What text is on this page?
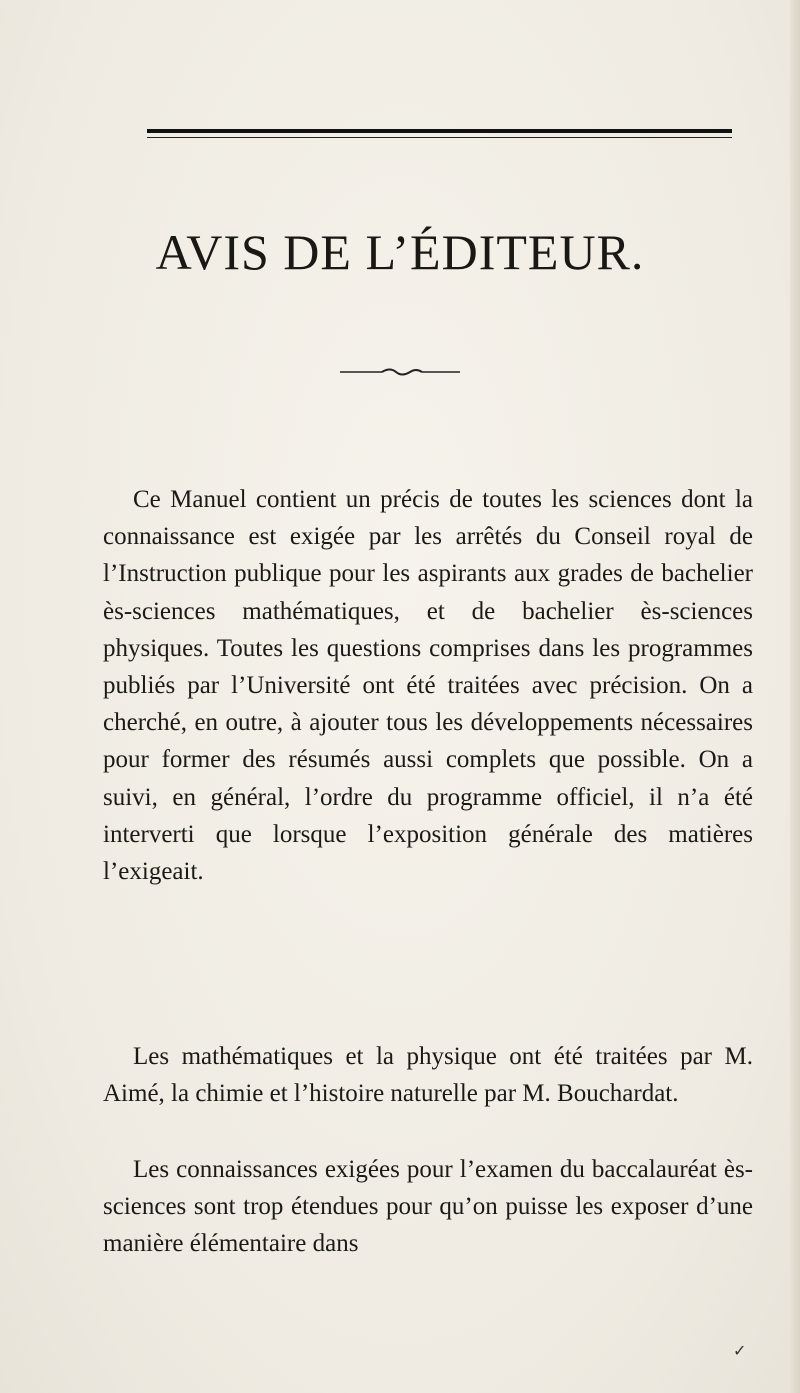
AVIS DE L’ÉDITEUR.

Ce Manuel contient un précis de toutes les sciences dont la connaissance est exigée par les arrêtés du Conseil royal de l’Instruction publique pour les aspirants aux grades de bachelier ès-sciences mathématiques, et de bachelier ès-sciences physiques. Toutes les questions comprises dans les programmes publiés par l’Université ont été traitées avec précision. On a cherché, en outre, à ajouter tous les développements nécessaires pour former des résumés aussi complets que possible. On a suivi, en général, l’ordre du programme officiel, il n’a été interverti que lorsque l’exposition générale des matières l’exigeait.

Les mathématiques et la physique ont été traitées par M. Aimé, la chimie et l’histoire naturelle par M. Bouchardat.

Les connaissances exigées pour l’examen du baccalauréat ès-sciences sont trop étendues pour qu’on puisse les exposer d’une manière élémentaire dans

✓
